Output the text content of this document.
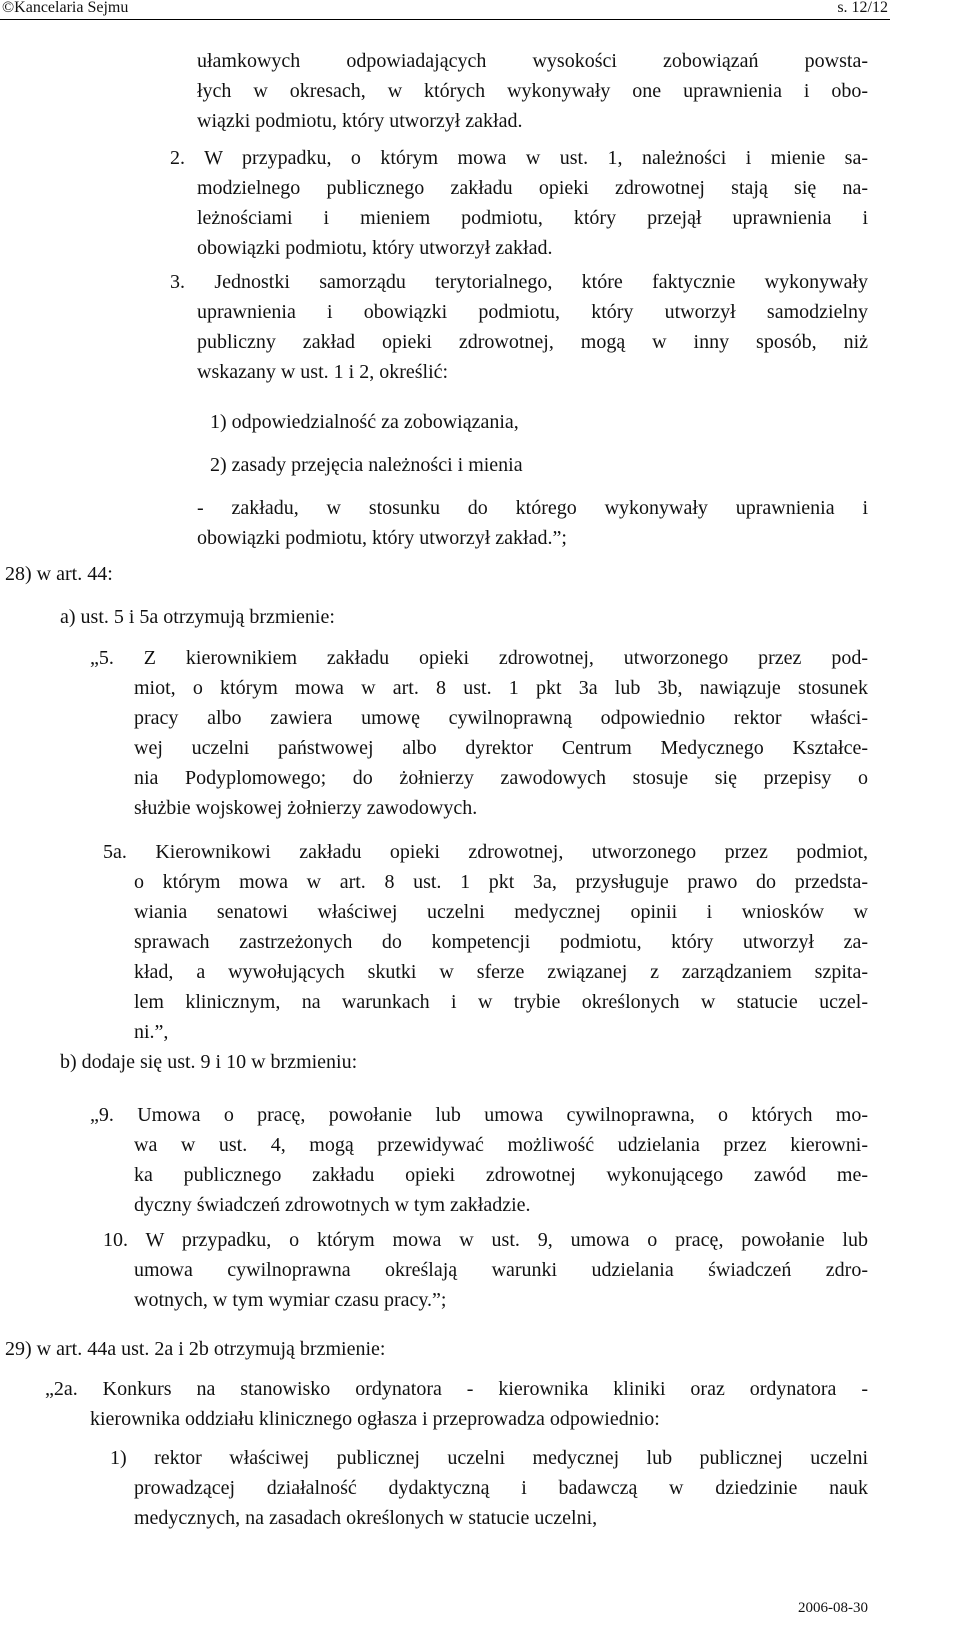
©Kancelaria Sejmu	s. 12/12
ułamkowych odpowiadających wysokości zobowiązań powsta-
łych w okresach, w których wykonywały one uprawnienia i obo-
wiązki podmiotu, który utworzył zakład.
2. W przypadku, o którym mowa w ust. 1, należności i mienie sa-
modzielnego publicznego zakładu opieki zdrowotnej stają się na-
leżnościami i mieniem podmiotu, który przejął uprawnienia i
obowiązki podmiotu, który utworzył zakład.
3. Jednostki samorządu terytorialnego, które faktycznie wykonywały
uprawnienia i obowiązki podmiotu, który utworzył samodzielny
publiczny zakład opieki zdrowotnej, mogą w inny sposób, niż
wskazany w ust. 1 i 2, określić:
1) odpowiedzialność za zobowiązania,
2) zasady przejęcia należności i mienia
- zakładu, w stosunku do którego wykonywały uprawnienia i
obowiązki podmiotu, który utworzył zakład.”;
28) w art. 44:
a) ust. 5 i 5a otrzymują brzmienie:
„5. Z kierownikiem zakładu opieki zdrowotnej, utworzonego przez pod-
miot, o którym mowa w art. 8 ust. 1 pkt 3a lub 3b, nawiązuje stosunek
pracy albo zawiera umowę cywilnoprawną odpowiednio rektor właści-
wej uczelni państwowej albo dyrektor Centrum Medycznego Kształce-
nia Podyplomowego; do żołnierzy zawodowych stosuje się przepisy o
służbie wojskowej żołnierzy zawodowych.
5a. Kierownikowi zakładu opieki zdrowotnej, utworzonego przez podmiot,
o którym mowa w art. 8 ust. 1 pkt 3a, przysługuje prawo do przedsta-
wiania senatowi właściwej uczelni medycznej opinii i wniosków w
sprawach zastrzeżonych do kompetencji podmiotu, który utworzył za-
kład, a wywołujących skutki w sferze związanej z zarządzaniem szpita-
lem klinicznym, na warunkach i w trybie określonych w statucie uczel-
ni.”,
b) dodaje się ust. 9 i 10 w brzmieniu:
„9. Umowa o pracę, powołanie lub umowa cywilnoprawna, o których mo-
wa w ust. 4, mogą przewidywać możliwość udzielania przez kierowni-
ka publicznego zakładu opieki zdrowotnej wykonującego zawód me-
dyczny świadczeń zdrowotnych w tym zakładzie.
10. W przypadku, o którym mowa w ust. 9, umowa o pracę, powołanie lub
umowa cywilnoprawna określają warunki udzielania świadczeń zdro-
wotnych, w tym wymiar czasu pracy.”;
29) w art. 44a ust. 2a i 2b otrzymują brzmienie:
„2a. Konkurs na stanowisko ordynatora - kierownika kliniki oraz ordynatora -
kierownika oddziału klinicznego ogłasza i przeprowadza odpowiednio:
1) rektor właściwej publicznej uczelni medycznej lub publicznej uczelni
prowadzącej działalność dydaktyczną i badawczą w dziedzinie nauk
medycznych, na zasadach określonych w statucie uczelni,
2006-08-30
